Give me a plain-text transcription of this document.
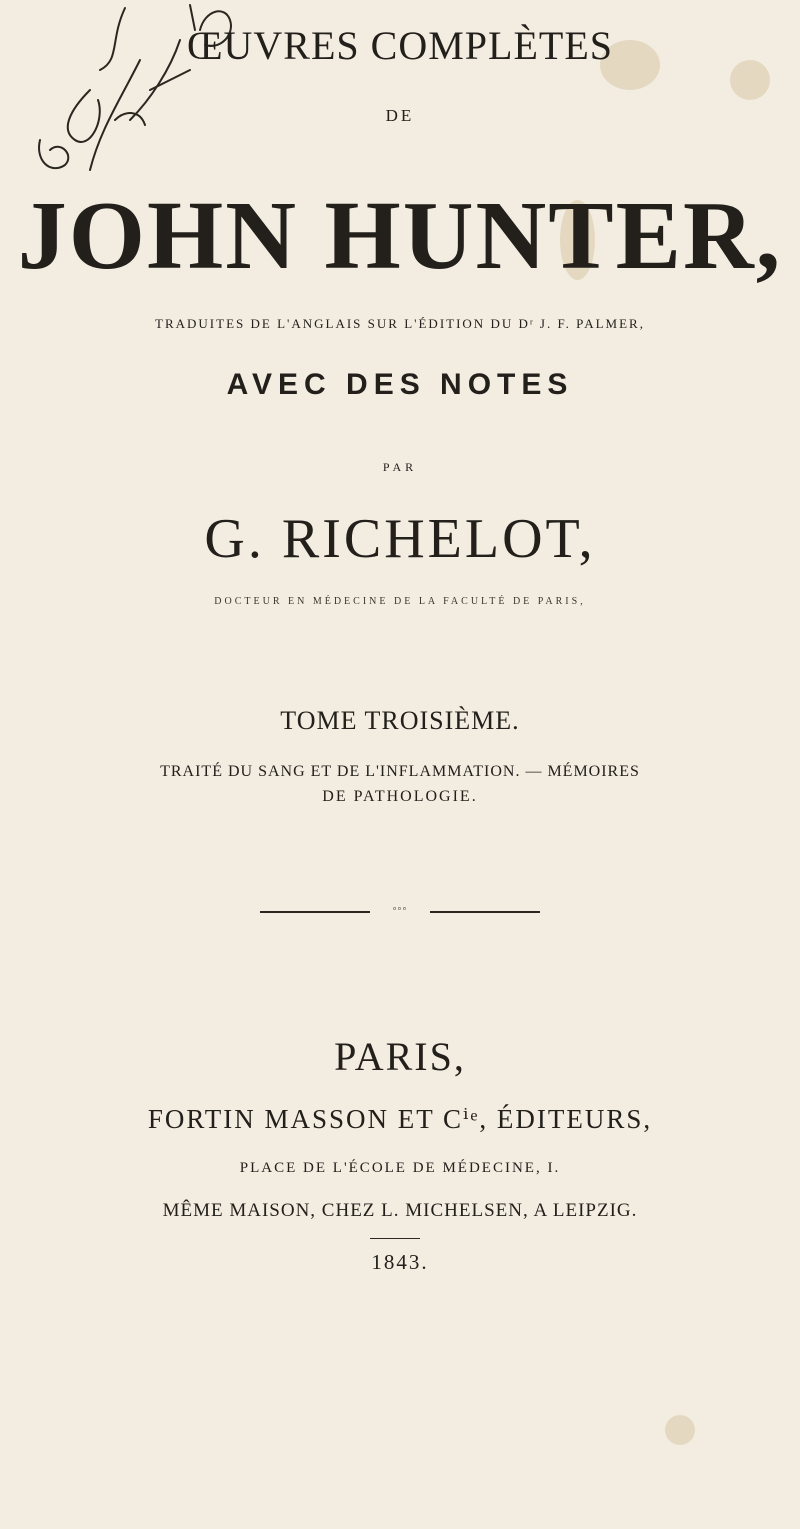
ŒUVRES COMPLÈTES
DE
JOHN HUNTER,
TRADUITES DE L'ANGLAIS SUR L'ÉDITION DU Dʳ J. F. PALMER,
AVEC DES NOTES
PAR
G. RICHELOT,
DOCTEUR EN MÉDECINE DE LA FACULTÉ DE PARIS,
TOME TROISIÈME.
TRAITÉ DU SANG ET DE L'INFLAMMATION. — MÉMOIRES
DE PATHOLOGIE.
◦◦◦
PARIS,
FORTIN MASSON ET Cⁱᵉ, ÉDITEURS,
PLACE DE L'ÉCOLE DE MÉDECINE, I.
MÊME MAISON, CHEZ L. MICHELSEN, A LEIPZIG.
1843.
